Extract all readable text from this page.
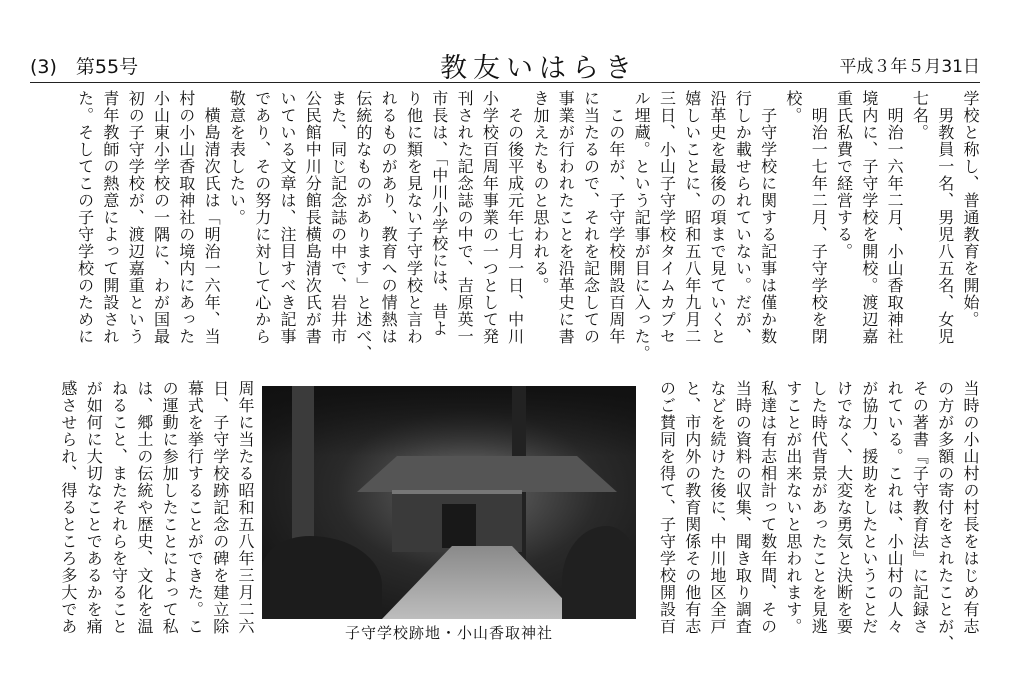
(3)　第55号	教友いはらき	平成３年５月31日
学校と称し、普通教育を開始。
　男教員一名、男児八五名、女児
七名。
　明治一六年二月、小山香取神社
境内に、子守学校を開校。渡辺嘉
重氏私費で経営する。
　明治一七年二月、子守学校を閉
校。
　子守学校に関する記事は僅か数
行しか載せられていない。だが、
沿革史を最後の項まで見ていくと
嬉しいことに、昭和五八年九月二
三日、小山子守学校タイムカプセ
ル埋蔵。という記事が目に入った。
　この年が、子守学校開設百周年
に当たるので、それを記念しての
事業が行われたことを沿革史に書
き加えたものと思われる。
　その後平成元年七月一日、中川
小学校百周年事業の一つとして発
刊された記念誌の中で、吉原英一
市長は、「中川小学校には、昔よ
り他に類を見ない子守学校と言わ
れるものがあり、教育への情熱は
伝統的なものがあります」と述べ、
また、同じ記念誌の中で、岩井市
公民館中川分館長横島清次氏が書
いている文章は、注目すべき記事
であり、その努力に対して心から
敬意を表したい。
　横島清次氏は「明治一六年、当
村の小山香取神社の境内にあった
小山東小学校の一隅に、わが国最
初の子守学校が、渡辺嘉重という
青年教師の熱意によって開設され
た。そしてこの子守学校のために
当時の小山村の村長をはじめ有志
の方が多額の寄付をされたことが、
その著書『子守教育法』に記録さ
れている。これは、小山村の人々
が協力、援助をしたということだ
けでなく、大変な勇気と決断を要
した時代背景があったことを見逃
すことが出来ないと思われます。
私達は有志相計って数年間、その
当時の資料の収集、聞き取り調査
などを続けた後に、中川地区全戸
と、市内外の教育関係その他有志
のご賛同を得て、子守学校開設百
子守学校跡地・小山香取神社
周年に当たる昭和五八年三月二六
日、子守学校跡記念の碑を建立除
幕式を挙行することができた。こ
の運動に参加したことによって私
は、郷土の伝統や歴史、文化を温
ねること、またそれらを守ること
が如何に大切なことであるかを痛
感させられ、得るところ多大であ
